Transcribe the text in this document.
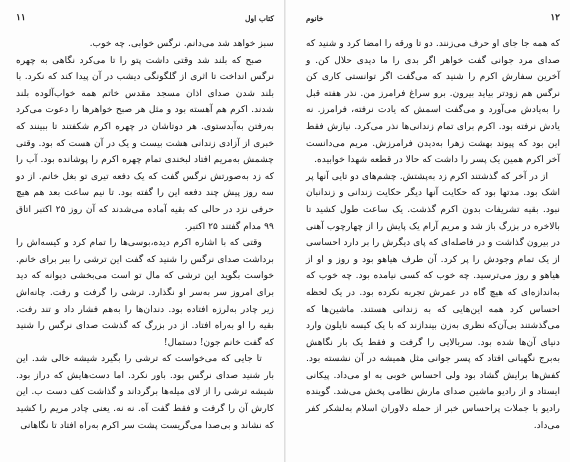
۱۱	کتاب اول

سبز خواهد شد می‌دانم. نرگس خوابی. چه خوب.

صبح که بلند شد وقتی داشت پتو را تا می‌کرد نگاهی به چهره نرگس انداخت تا اثری از گلگونگی دیشب در آن پیدا کند که نکرد. با بلند شدن صدای اذان مسجد مقدس خاتم همه خواب‌آلوده بلند شدند. اکرم هم آهسته بود و مثل هر صبح خواهرها را دعوت می‌کرد به‌رفتن به‌آبدستوی. هر دوتاشان در چهره اکرم شکفتند تا ببینند که خبری از آزادی زندانی هشت بیست و یک در آن هست که بود. وقتی چشمش به‌مریم افتاد لبخندی تمام چهره اکرم را پوشانده بود. آب را که زد به‌صورتش نرگس گفت که یک دفعه تیری تو بغل خانم. از دو سه روز پیش چند دفعه این را گفته بود. تا نیم ساعت بعد هم هیچ حرفی نزد در حالی که بقیه آماده می‌شدند که آن روز ۲۵ اکتبر اتاق ۹۹ مدام گفتند ۲۵ اکتبر.

وقتی که با اشاره اکرم دیده،بوسی‌ها را تمام کرد و کیسه‌اش را برداشت صدای نرگس را شنید که گفت این ترشی را ببر برای خانم. خواست بگوید این ترشی که مال تو است می‌بخشی دیوانه که دید برای امروز سر به‌سر او نگذارد. ترشی را گرفت و رفت. چانه‌اش زیر چادر به‌لرزه افتاده بود. دندان‌ها را به‌هم فشار داد و تند رفت. بقیه را او به‌راه افتاد. از در بزرگ که گذشت صدای نرگس را شنید که گفت خانم جون! دستمال!

تا جایی که می‌خواست که ترشی را بگیرد شیشه خالی شد. این بار شنید صدای نرگس بود. باور نکرد. اما دست‌هایش که دراز بود. شیشه ترشی را از لای میله‌ها برگرداند و گذاشت کف دست ب. این کارش آن را گرفت و فقط گفت آه. نه نه. یعنی چادر مریم را کشید که نشاند و بی‌صدا می‌گریست پشت سر اکرم به‌راه افتاد تا نگاهانی

خانوم	۱۲

که همه جا جای او حرف می‌زنند. دو تا ورقه را امضا کرد و شنید که صدای مرد جوانی گفت خواهر اگر بدی را ما دیدی حلال کن. و آخرین سفارش اکرم را شنید که می‌گفت اگر توانستی کاری کن نرگس هم زودتر بیاید بیرون. برو سراغ فرامرز من. نذر هفته قبل را به‌یادش می‌آورد و می‌گفت اسمش که یادت نرفته، فرامرز. نه یادش نرفته بود. اکرم برای تمام زندانی‌ها نذر می‌کرد. نیازش فقط این بود که پیوند بهشت زهرا به‌دیدن فرامرزش. مریم می‌دانست آخر اکرم همین یک پسر را داشت که حالا در قطعه شهدا خوابیده.

از در آخر که گذشتند اکرم زد به‌پشتش. چشم‌های دو تایی آنها پر اشک بود. مدتها بود که حکایت آنها دیگر حکایت زندانی و زندانبان نبود. بقیه تشریفات بدون اکرم گذشت. یک ساعت طول کشید تا بالاخره در بزرگ باز شد و مریم آرام یک پایش را از چهارچوب آهنی در بیرون گذاشت و در فاصله‌ای که پای دیگرش را بر دارد احساسی از یک تمام وجودش را پر کرد. آن طرف هیاهو بود و روز و او از هیاهو و روز می‌ترسید. چه خوب که کسی نیامده بود. چه خوب که به‌اندازه‌ای که هیچ گاه در عمرش تجربه نکرده بود. در یک لحظه احساس کرد همه این‌هایی که به زندانی هستند. ماشین‌ها که می‌گذشتند بی‌آن‌که نظری به‌زن بیندازند که با یک کیسه نایلون وارد دنیای آن‌ها شده بود. سربالایی را گرفت و فقط یک بار نگاهش به‌برج نگهبانی افتاد که پسر جوانی مثل همیشه در آن نشسته بود. کفش‌ها برایش گشاد بود ولی احساس خوبی به او می‌داد. پیکانی ایستاد و از رادیو ماشین صدای مارش نظامی پخش می‌شد. گوینده رادیو با جملات پراحساس خبر از حمله دلاوران اسلام به‌لشکر کفر می‌داد.
